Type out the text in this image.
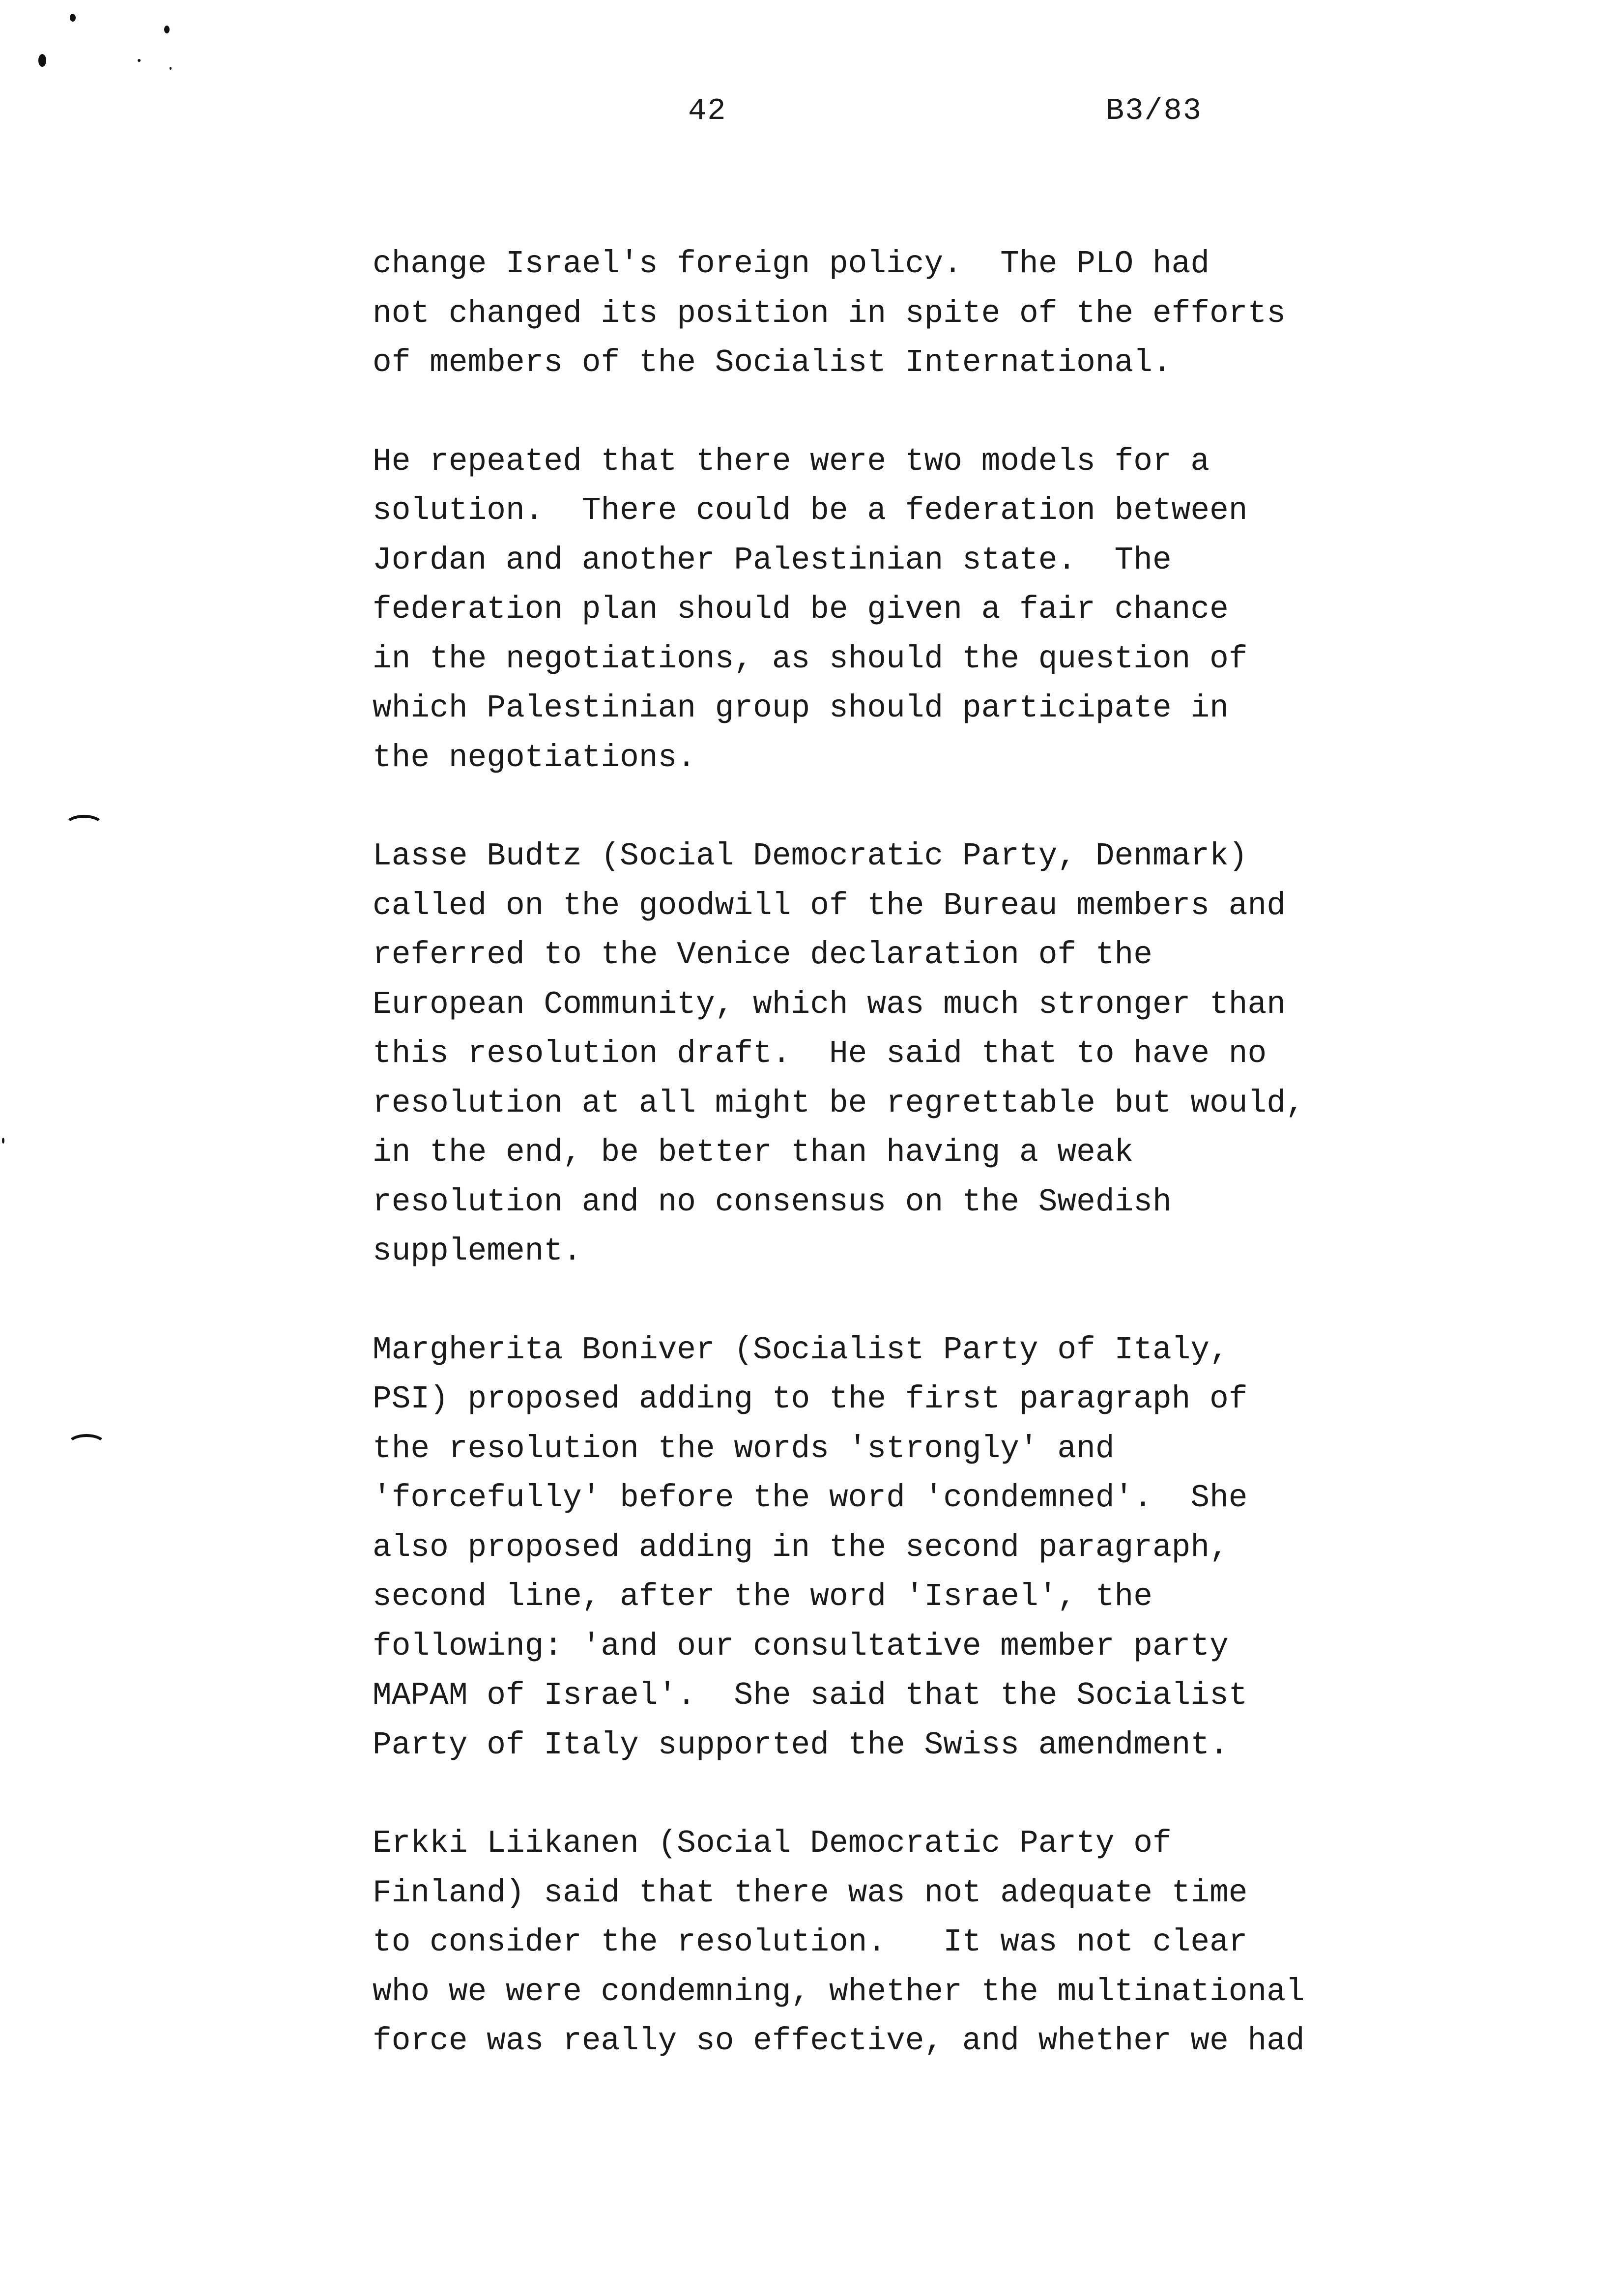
42	B3/83
change Israel's foreign policy.  The PLO had
not changed its position in spite of the efforts
of members of the Socialist International.
He repeated that there were two models for a
solution.  There could be a federation between
Jordan and another Palestinian state.  The
federation plan should be given a fair chance
in the negotiations, as should the question of
which Palestinian group should participate in
the negotiations.
Lasse Budtz (Social Democratic Party, Denmark)
called on the goodwill of the Bureau members and
referred to the Venice declaration of the
European Community, which was much stronger than
this resolution draft.  He said that to have no
resolution at all might be regrettable but would,
in the end, be better than having a weak
resolution and no consensus on the Swedish
supplement.
Margherita Boniver (Socialist Party of Italy,
PSI) proposed adding to the first paragraph of
the resolution the words 'strongly' and
'forcefully' before the word 'condemned'.  She
also proposed adding in the second paragraph,
second line, after the word 'Israel', the
following: 'and our consultative member party
MAPAM of Israel'.  She said that the Socialist
Party of Italy supported the Swiss amendment.
Erkki Liikanen (Social Democratic Party of
Finland) said that there was not adequate time
to consider the resolution.   It was not clear
who we were condemning, whether the multinational
force was really so effective, and whether we had
